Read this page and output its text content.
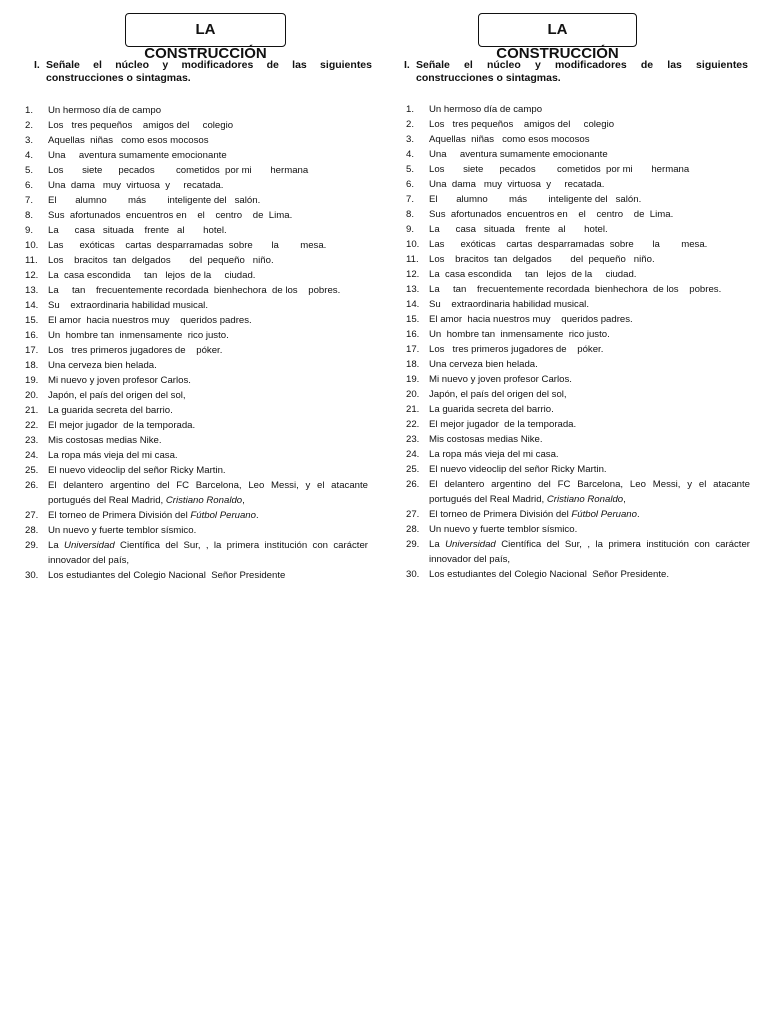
LA CONSTRUCCIÓN
I. Señale el núcleo y modificadores de las siguientes construcciones o sintagmas.
1.	Un hermoso día de campo
2.	Los   tres pequeños    amigos del     colegio
3.	Aquellas  niñas   como esos mocosos
4.	Una     aventura sumamente emocionante
5.	Los       siete      pecados        cometidos  por mi       hermana
6.	Una  dama   muy  virtuosa  y     recatada.
7.	El       alumno        más        inteligente del   salón.
8.	Sus  afortunados  encuentros en    el    centro    de  Lima.
9.	La      casa   situada    frente   al       hotel.
10.	Las      exóticas    cartas  desparramadas  sobre       la        mesa.
11.	Los    bracitos  tan  delgados       del  pequeño   niño.
12.	La  casa escondida     tan   lejos  de la     ciudad.
13.	La     tan    frecuentemente recordada  bienhechora  de los    pobres.
14.	Su    extraordinaria habilidad musical.
15.	El amor  hacia nuestros muy    queridos padres.
16.	Un  hombre tan  inmensamente  rico justo.
17.	Los   tres primeros jugadores de    póker.
18.	Una cerveza bien helada.
19.	Mi nuevo y joven profesor Carlos.
20.	Japón, el país del origen del sol,
21.	La guarida secreta del barrio.
22.	El mejor jugador  de la temporada.
23.	Mis costosas medias Nike.
24.	La ropa más vieja del mi casa.
25.	El nuevo videoclip del señor Ricky Martin.
26.	El delantero argentino del FC Barcelona, Leo Messi, y el atacante portugués del Real Madrid, Cristiano Ronaldo,
27.	El torneo de Primera División del Fútbol Peruano.
28.	Un nuevo y fuerte temblor sísmico.
29.	La Universidad Científica del Sur, , la primera institución con carácter innovador del país,
30.	Los estudiantes del Colegio Nacional  Señor Presidente
LA CONSTRUCCIÓN
I. Señale el núcleo y modificadores de las siguientes construcciones o sintagmas.
1.	Un hermoso día de campo
2.	Los   tres pequeños    amigos del     colegio
3.	Aquellas  niñas   como esos mocosos
4.	Una     aventura sumamente emocionante
5.	Los       siete      pecados        cometidos  por mi       hermana
6.	Una  dama   muy  virtuosa  y     recatada.
7.	El       alumno        más        inteligente del   salón.
8.	Sus  afortunados  encuentros en    el    centro    de  Lima.
9.	La      casa   situada    frente   al       hotel.
10.	Las      exóticas    cartas  desparramadas  sobre       la        mesa.
11.	Los    bracitos  tan  delgados       del  pequeño   niño.
12.	La  casa escondida     tan   lejos  de la     ciudad.
13.	La     tan    frecuentemente recordada  bienhechora  de los    pobres.
14.	Su    extraordinaria habilidad musical.
15.	El amor  hacia nuestros muy    queridos padres.
16.	Un  hombre tan  inmensamente  rico justo.
17.	Los   tres primeros jugadores de    póker.
18.	Una cerveza bien helada.
19.	Mi nuevo y joven profesor Carlos.
20.	Japón, el país del origen del sol,
21.	La guarida secreta del barrio.
22.	El mejor jugador  de la temporada.
23.	Mis costosas medias Nike.
24.	La ropa más vieja del mi casa.
25.	El nuevo videoclip del señor Ricky Martin.
26.	El delantero argentino del FC Barcelona, Leo Messi, y el atacante portugués del Real Madrid, Cristiano Ronaldo,
27.	El torneo de Primera División del Fútbol Peruano.
28.	Un nuevo y fuerte temblor sísmico.
29.	La Universidad Científica del Sur, , la primera institución con carácter innovador del país,
30.	Los estudiantes del Colegio Nacional  Señor Presidente.
